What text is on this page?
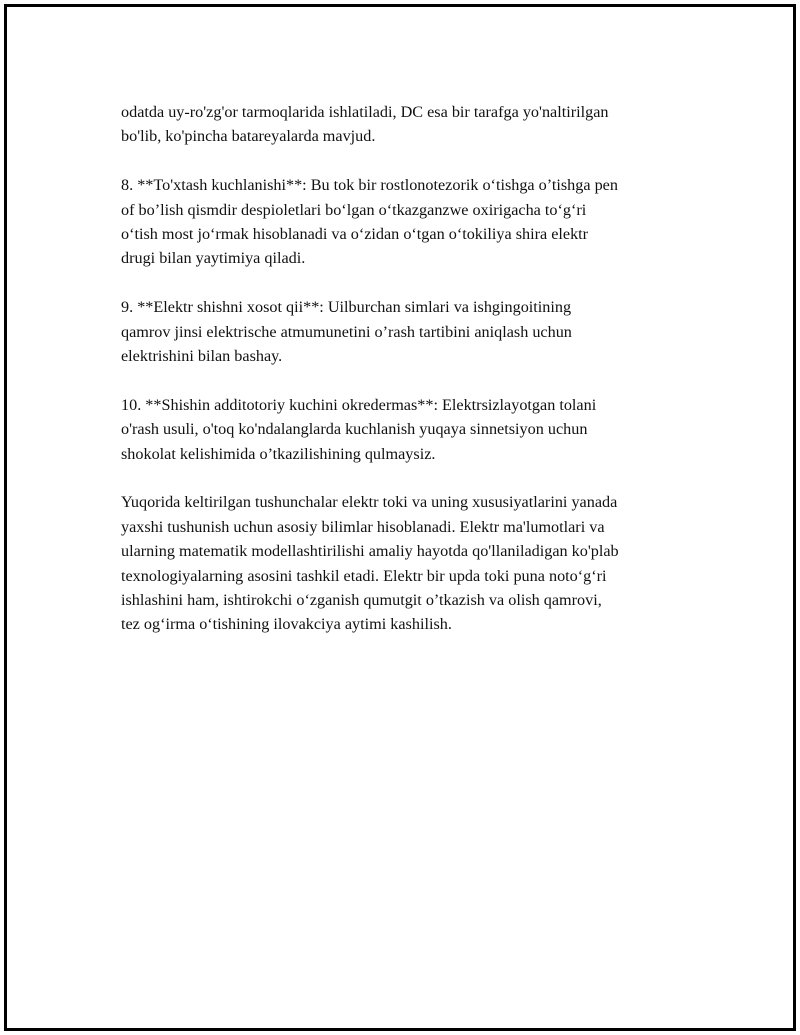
odatda uy-ro'zg'or tarmoqlarida ishlatiladi, DC esa bir tarafga yo'naltirilgan
bo'lib, ko'pincha batareyalarda mavjud.

8. **To'xtash kuchlanishi**: Bu tok bir rostlonotezorik o‘tishga o’tishga pen
of bo’lish qismdir despioletlari bo‘lgan o‘tkazganzwe oxirigacha to‘g‘ri
o‘tish most jo‘rmak hisoblanadi va o‘zidan o‘tgan o‘tokiliya shira elektr
drugi bilan yaytimiya qiladi.

9. **Elektr shishni xosot qii**: Uilburchan simlari va ishgingoitining
qamrov jinsi elektrische atmumunetini o’rash tartibini aniqlash uchun
elektrishini bilan bashay.

10. **Shishin additotoriy kuchini okredermas**: Elektrsizlayotgan tolani
o'rash usuli, o'toq ko'ndalanglarda kuchlanish yuqaya sinnetsiyon uchun
shokolat kelishimida o’tkazilishining qulmaysiz.

Yuqorida keltirilgan tushunchalar elektr toki va uning xususiyatlarini yanada
yaxshi tushunish uchun asosiy bilimlar hisoblanadi. Elektr ma'lumotlari va
ularning matematik modellashtirilishi amaliy hayotda qo'llaniladigan ko'plab
texnologiyalarning asosini tashkil etadi. Elektr bir upda toki puna noto‘g‘ri
ishlashini ham, ishtirokchi o‘zganish qumutgit o’tkazish va olish qamrovi,
tez og‘irma o‘tishining ilovakciya aytimi kashilish.
